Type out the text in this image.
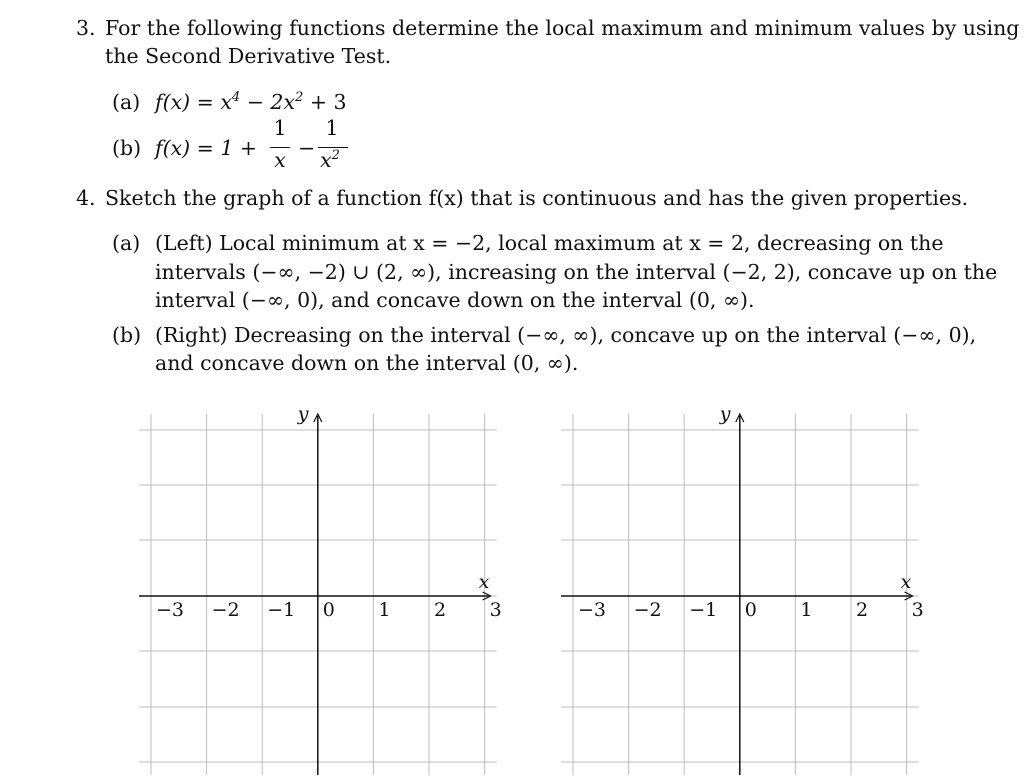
3. For the following functions determine the local maximum and minimum values by using
the Second Derivative Test.
(a) $f(x) = x^4 - 2x^2 + 3$
(b) f(x) = 1 +
1
x −
1
$x^2$
4. Sketch the graph of a function f(x) that is continuous and has the given properties.
(a) (Left) Local minimum at x = −2, local maximum at x = 2, decreasing on the
intervals (−∞, −2) ∪ (2, ∞), increasing on the interval (−2, 2), concave up on the
interval (−∞, 0), and concave down on the interval (0, ∞).
(b) (Right) Decreasing on the interval (−∞, ∞), concave up on the interval (−∞, 0),
and concave down on the interval (0, ∞).
y
x
−3 −2 −1 0 1 2 3
y
x
−3 −2 −1 0 1 2 3
